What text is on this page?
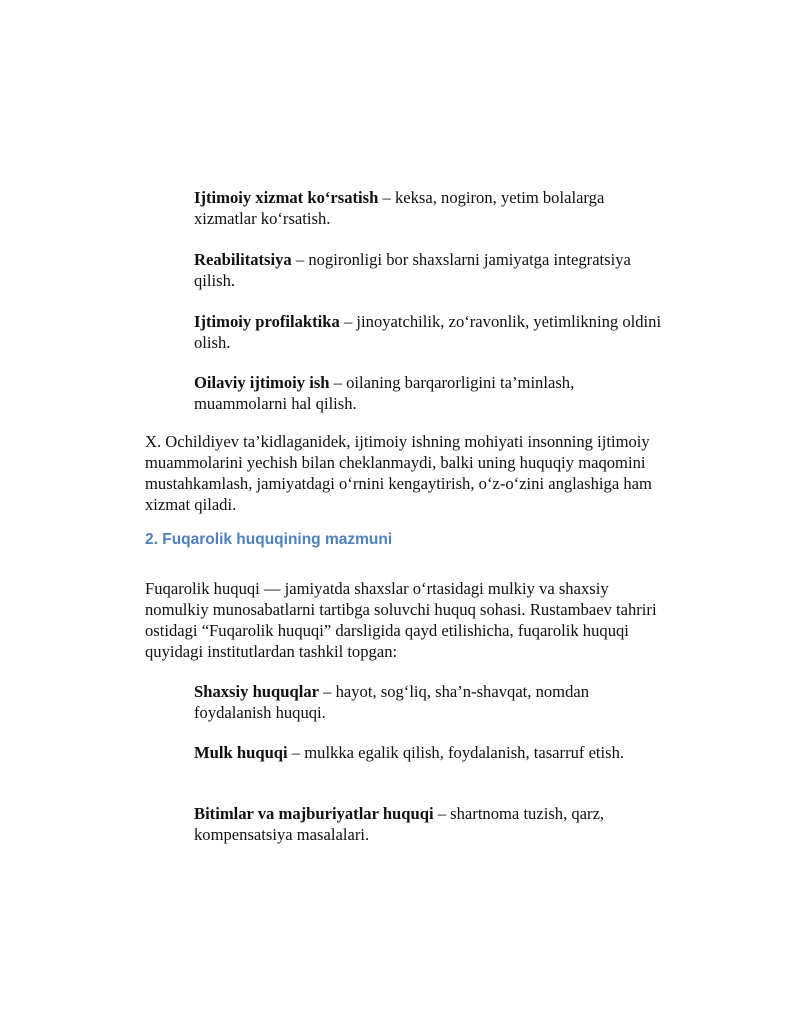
Ijtimoiy xizmat ko‘rsatish – keksa, nogiron, yetim bolalarga xizmatlar ko‘rsatish.

Reabilitatsiya – nogironligi bor shaxslarni jamiyatga integratsiya qilish.

Ijtimoiy profilaktika – jinoyatchilik, zo‘ravonlik, yetimlikning oldini olish.

Oilaviy ijtimoiy ish – oilaning barqarorligini ta’minlash, muammolarni hal qilish.

X. Ochildiyev ta’kidlaganidek, ijtimoiy ishning mohiyati insonning ijtimoiy muammolarini yechish bilan cheklanmaydi, balki uning huquqiy maqomini mustahkamlash, jamiyatdagi o‘rnini kengaytirish, o‘z-o‘zini anglashiga ham xizmat qiladi.

2. Fuqarolik huquqining mazmuni

Fuqarolik huquqi — jamiyatda shaxslar o‘rtasidagi mulkiy va shaxsiy nomulkiy munosabatlarni tartibga soluvchi huquq sohasi. Rustambaev tahriri ostidagi “Fuqarolik huquqi” darsligida qayd etilishicha, fuqarolik huquqi quyidagi institutlardan tashkil topgan:

Shaxsiy huquqlar – hayot, sog‘liq, sha’n-shavqat, nomdan foydalanish huquqi.

Mulk huquqi – mulkka egalik qilish, foydalanish, tasarruf etish.

Bitimlar va majburiyatlar huquqi – shartnoma tuzish, qarz, kompensatsiya masalalari.
